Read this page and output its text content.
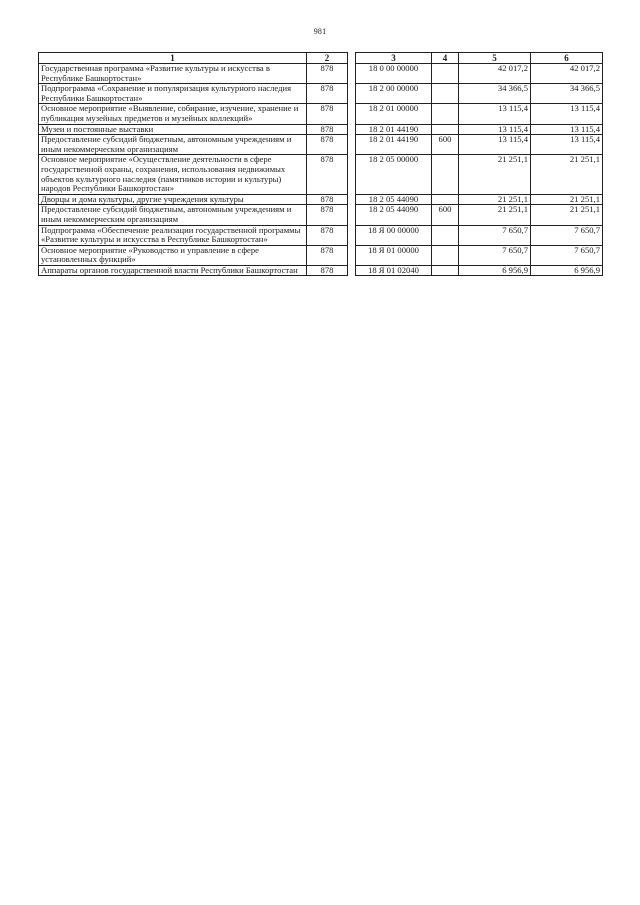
981
1	2		3	4	5	6
Государственная программа «Развитие культуры и искусства в Республике Башкортостан»	878		18 0 00 00000		42 017,2	42 017,2
Подпрограмма «Сохранение и популяризация культурного наследия Республики Башкортостан»	878		18 2 00 00000		34 366,5	34 366,5
Основное мероприятие «Выявление, собирание, изучение, хранение и публикация музейных предметов и музейных коллекций»	878		18 2 01 00000		13 115,4	13 115,4
Музеи и постоянные выставки	878		18 2 01 44190		13 115,4	13 115,4
Предоставление субсидий бюджетным, автономным учреждениям и иным некоммерческим организациям	878		18 2 01 44190	600	13 115,4	13 115,4
Основное мероприятие «Осуществление деятельности в сфере государственной охраны, сохранения, использования недвижимых объектов культурного наследия (памятников истории и культуры) народов Республики Башкортостан»	878		18 2 05 00000		21 251,1	21 251,1
Дворцы и дома культуры, другие учреждения культуры	878		18 2 05 44090		21 251,1	21 251,1
Предоставление субсидий бюджетным, автономным учреждениям и иным некоммерческим организациям	878		18 2 05 44090	600	21 251,1	21 251,1
Подпрограмма «Обеспечение реализации государственной программы «Развитие культуры и искусства в Республике Башкортостан»	878		18 Я 00 00000		7 650,7	7 650,7
Основное мероприятие «Руководство и управление в сфере установленных функций»	878		18 Я 01 00000		7 650,7	7 650,7
Аппараты органов государственной власти Республики Башкортостан	878		18 Я 01 02040		6 956,9	6 956,9
